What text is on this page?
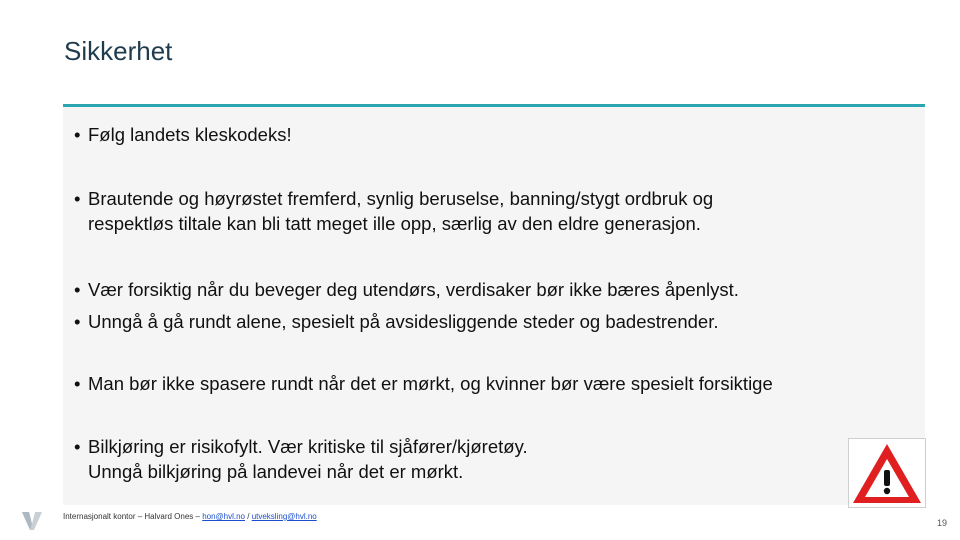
Sikkerhet
• Følg landets kleskodeks!
• Brautende og høyrøstet fremferd, synlig beruselse, banning/stygt ordbruk og
respektløs tiltale kan bli tatt meget ille opp, særlig av den eldre generasjon.
• Vær forsiktig når du beveger deg utendørs, verdisaker bør ikke bæres åpenlyst.
• Unngå å gå rundt alene, spesielt på avsidesliggende steder og badestrender.
• Man bør ikke spasere rundt når det er mørkt, og kvinner bør være spesielt forsiktige
• Bilkjøring er risikofylt. Vær kritiske til sjåfører/kjøretøy.
Unngå bilkjøring på landevei når det er mørkt.
Internasjonalt kontor – Halvard Ones – hon@hvl.no / utveksling@hvl.no
19
